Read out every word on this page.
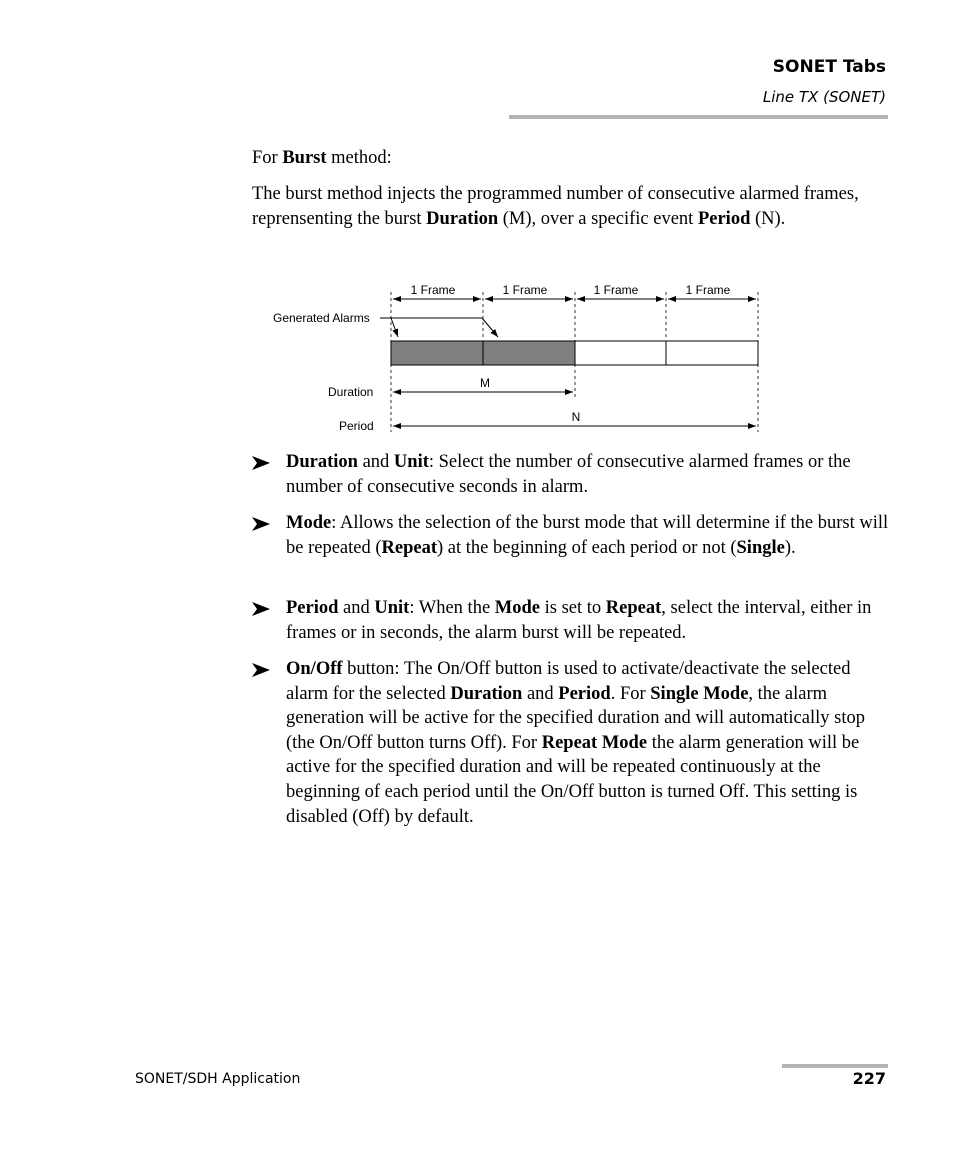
SONET Tabs
Line TX (SONET)

For Burst method:

The burst method injects the programmed number of consecutive alarmed frames, reprensenting the burst Duration (M), over a specific event Period (N).

1 Frame	1 Frame	1 Frame	1 Frame
Generated Alarms
Duration
M
Period
N
Duration and Unit: Select the number of consecutive alarmed frames or the number of consecutive seconds in alarm.
Mode: Allows the selection of the burst mode that will determine if the burst will be repeated (Repeat) at the beginning of each period or not (Single).
Period and Unit: When the Mode is set to Repeat, select the interval, either in frames or in seconds, the alarm burst will be repeated.
On/Off button: The On/Off button is used to activate/deactivate the selected alarm for the selected Duration and Period. For Single Mode, the alarm generation will be active for the specified duration and will automatically stop (the On/Off button turns Off). For Repeat Mode the alarm generation will be active for the specified duration and will be repeated continuously at the beginning of each period until the On/Off button is turned Off. This setting is disabled (Off) by default.
SONET/SDH Application	227
